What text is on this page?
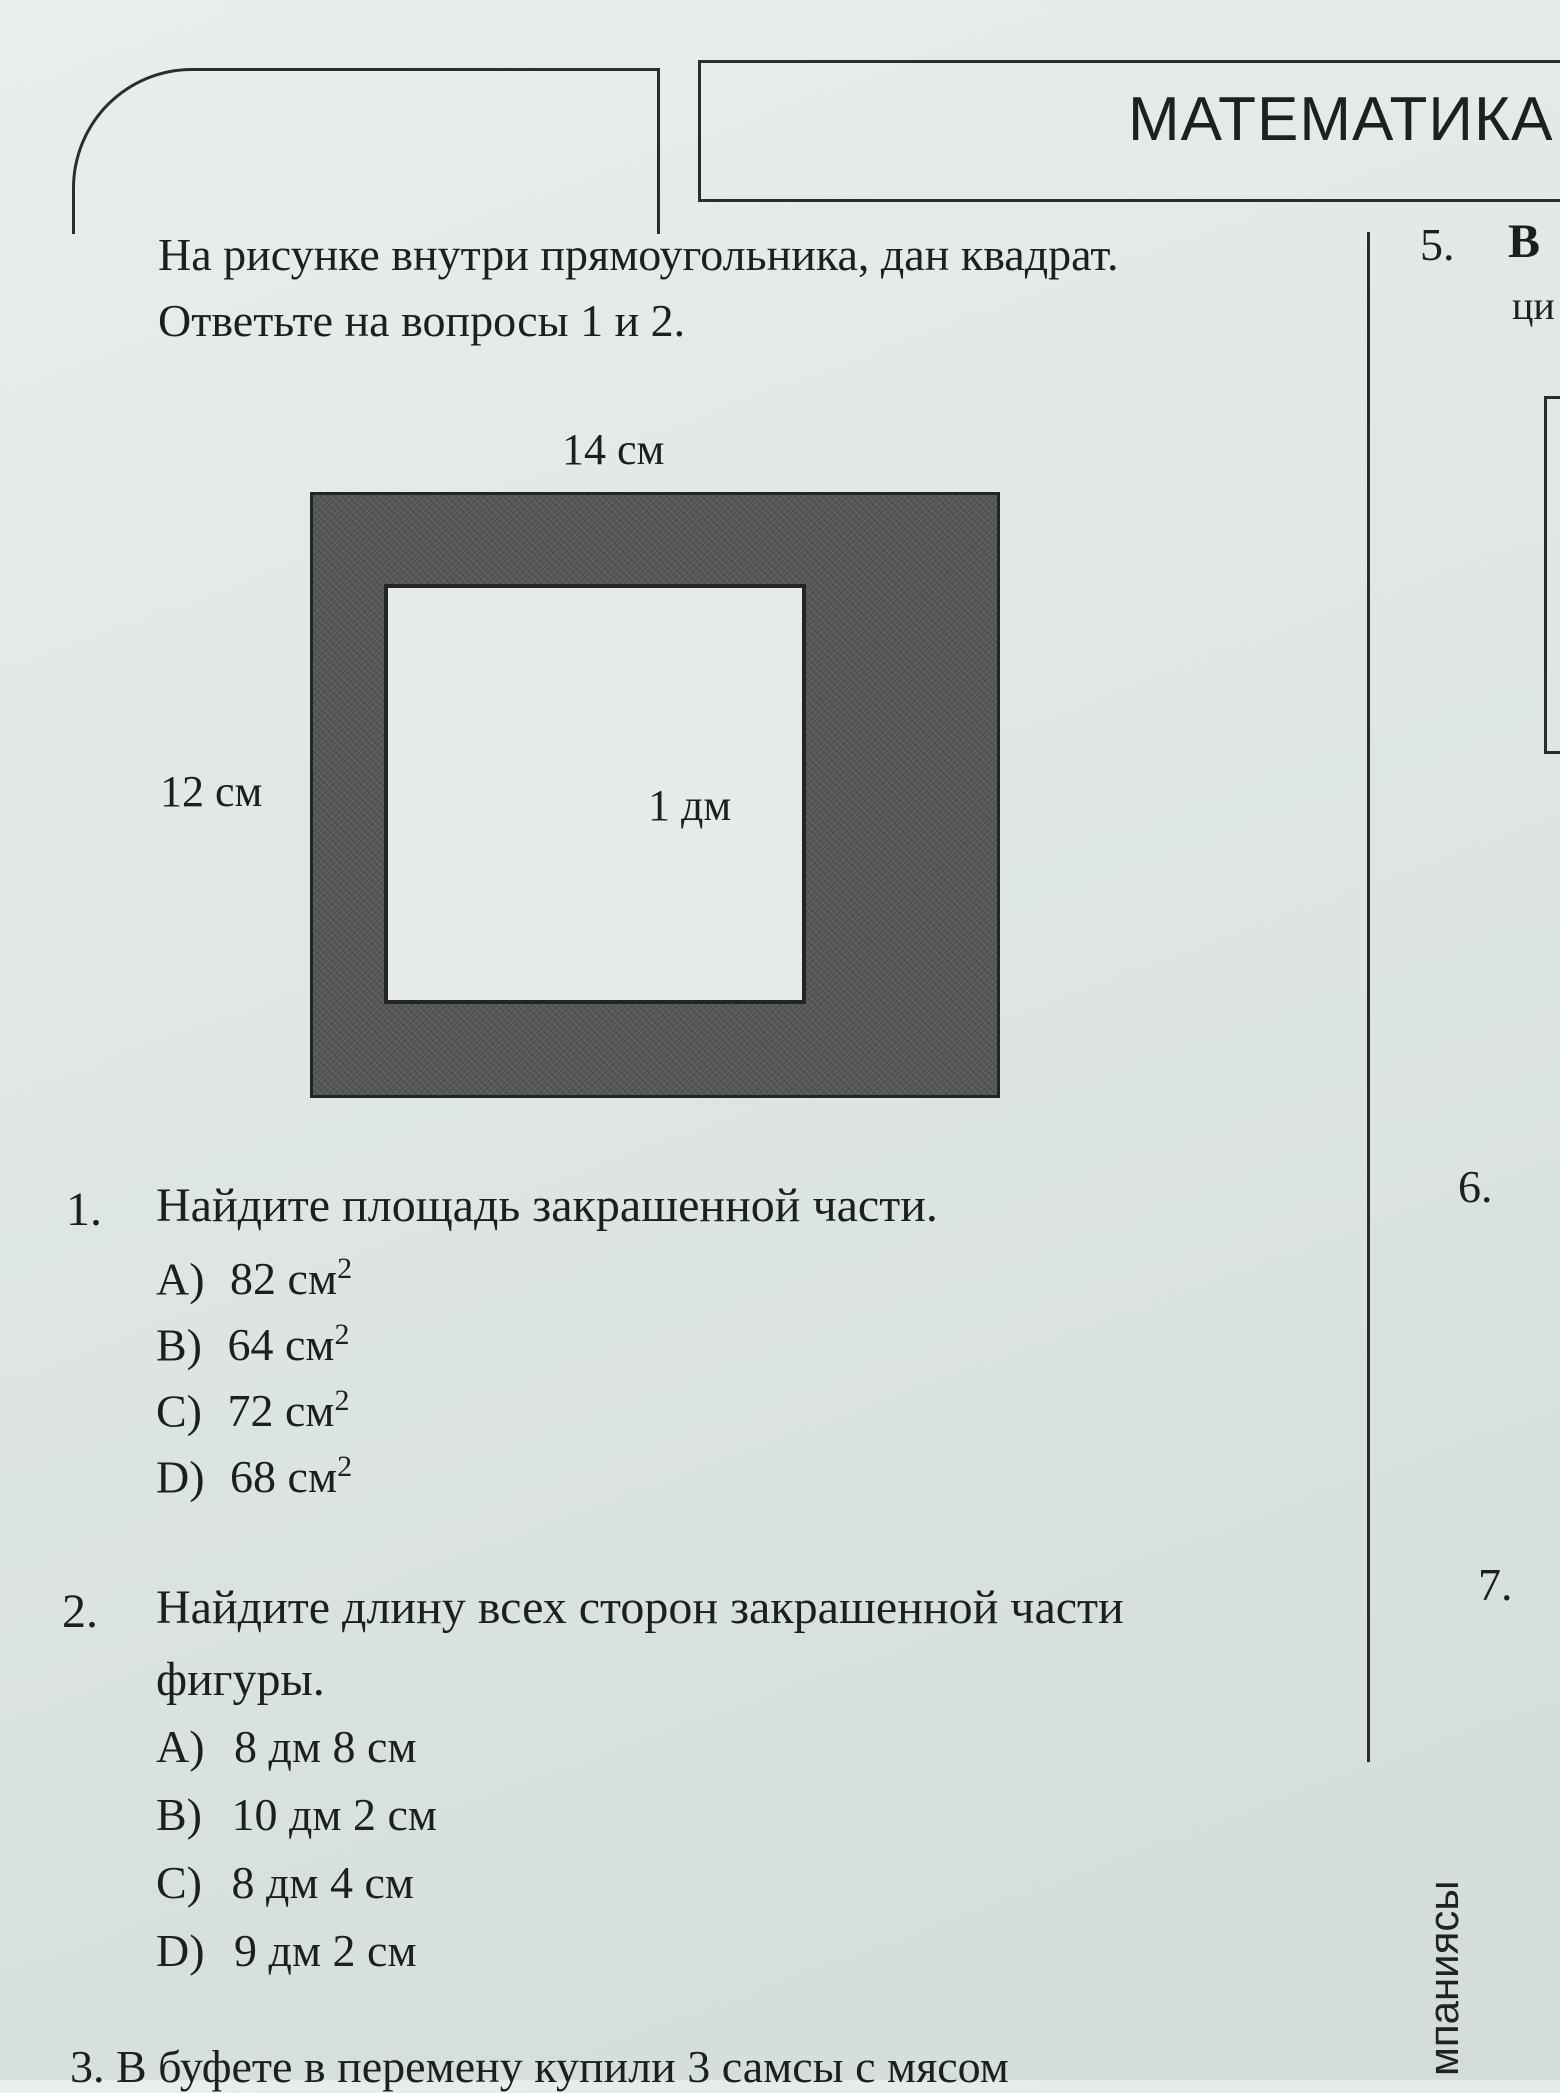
МАТЕМАТИКА
На рисунке внутри прямоугольника, дан квадрат.
Ответьте на вопросы 1 и 2.
14 см
12 см	1 дм
1. Найдите площадь закрашенной части.
A) 82 $см^2$
B) 64 $см^2$
C) 72 $см^2$
D) 68 $см^2$
2. Найдите длину всех сторон закрашенной части
фигуры.
A) 8 дм 8 см
B) 10 дм 2 см
C) 8 дм 4 см
D) 9 дм 2 см
5. В
ци
6.
7.
мпаниясы
3. В буфете в перемену купили 3 самсы с мясом
